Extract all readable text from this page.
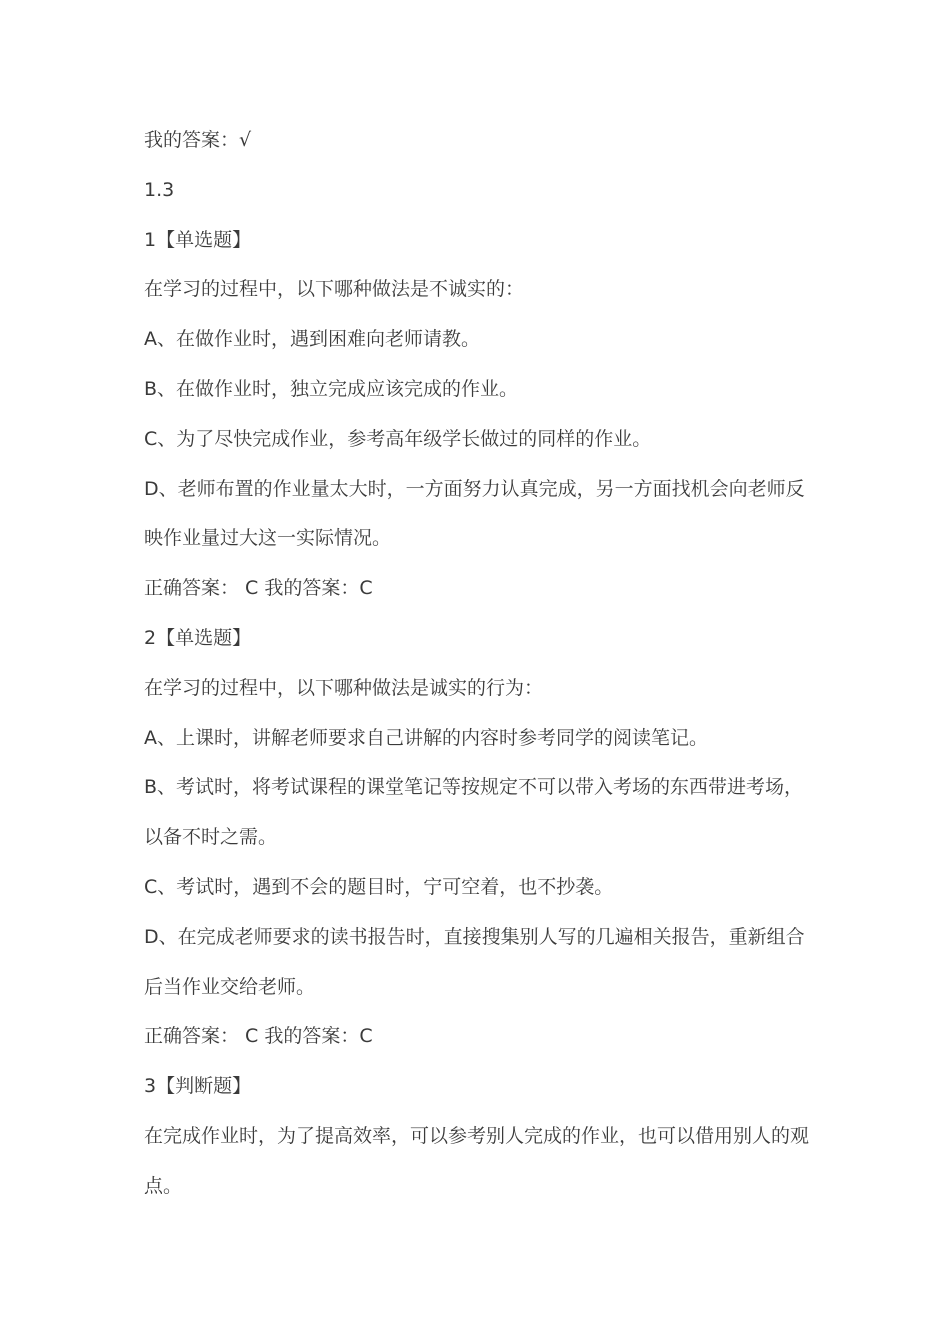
我的答案：√
1.3
1【单选题】
在学习的过程中，以下哪种做法是不诚实的：
A、在做作业时，遇到困难向老师请教。
B、在做作业时，独立完成应该完成的作业。
C、为了尽快完成作业，参考高年级学长做过的同样的作业。
D、老师布置的作业量太大时，一方面努力认真完成，另一方面找机会向老师反
映作业量过大这一实际情况。
正确答案： C 我的答案：C
2【单选题】
在学习的过程中，以下哪种做法是诚实的行为：
A、上课时，讲解老师要求自己讲解的内容时参考同学的阅读笔记。
B、考试时，将考试课程的课堂笔记等按规定不可以带入考场的东西带进考场，
以备不时之需。
C、考试时，遇到不会的题目时，宁可空着，也不抄袭。
D、在完成老师要求的读书报告时，直接搜集别人写的几遍相关报告，重新组合
后当作业交给老师。
正确答案： C 我的答案：C
3【判断题】
在完成作业时，为了提高效率，可以参考别人完成的作业，也可以借用别人的观
点。
